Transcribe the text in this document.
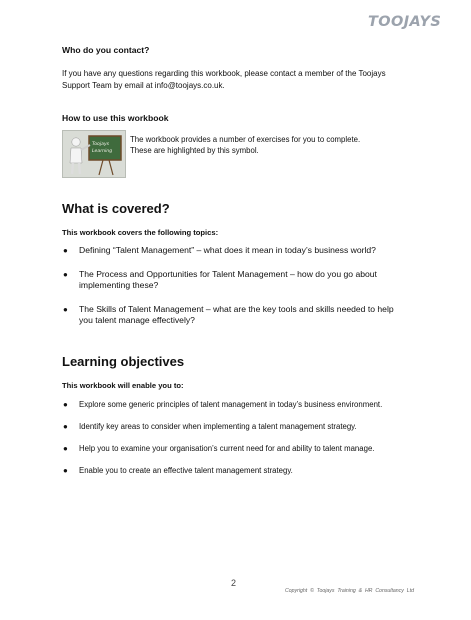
TOOJAYS
Who do you contact?
If you have any questions regarding this workbook, please contact a member of the Toojays
Support Team by email at info@toojays.co.uk.
How to use this workbook
Toojays
Learning
The workbook provides a number of exercises for you to complete.
These are highlighted by this symbol.
What is covered?
This workbook covers the following topics:
● Defining “Talent Management” – what does it mean in today’s business world?
● The Process and Opportunities for Talent Management – how do you go about
implementing these?
● The Skills of Talent Management – what are the key tools and skills needed to help
you talent manage effectively?
Learning objectives
This workbook will enable you to:
● Explore some generic principles of talent management in today’s business environment.
● Identify key areas to consider when implementing a talent management strategy.
● Help you to examine your organisation’s current need for and ability to talent manage.
● Enable you to create an effective talent management strategy.
2
Copyright  ©  Toojays  Training  &  HR  Consultancy  Ltd
